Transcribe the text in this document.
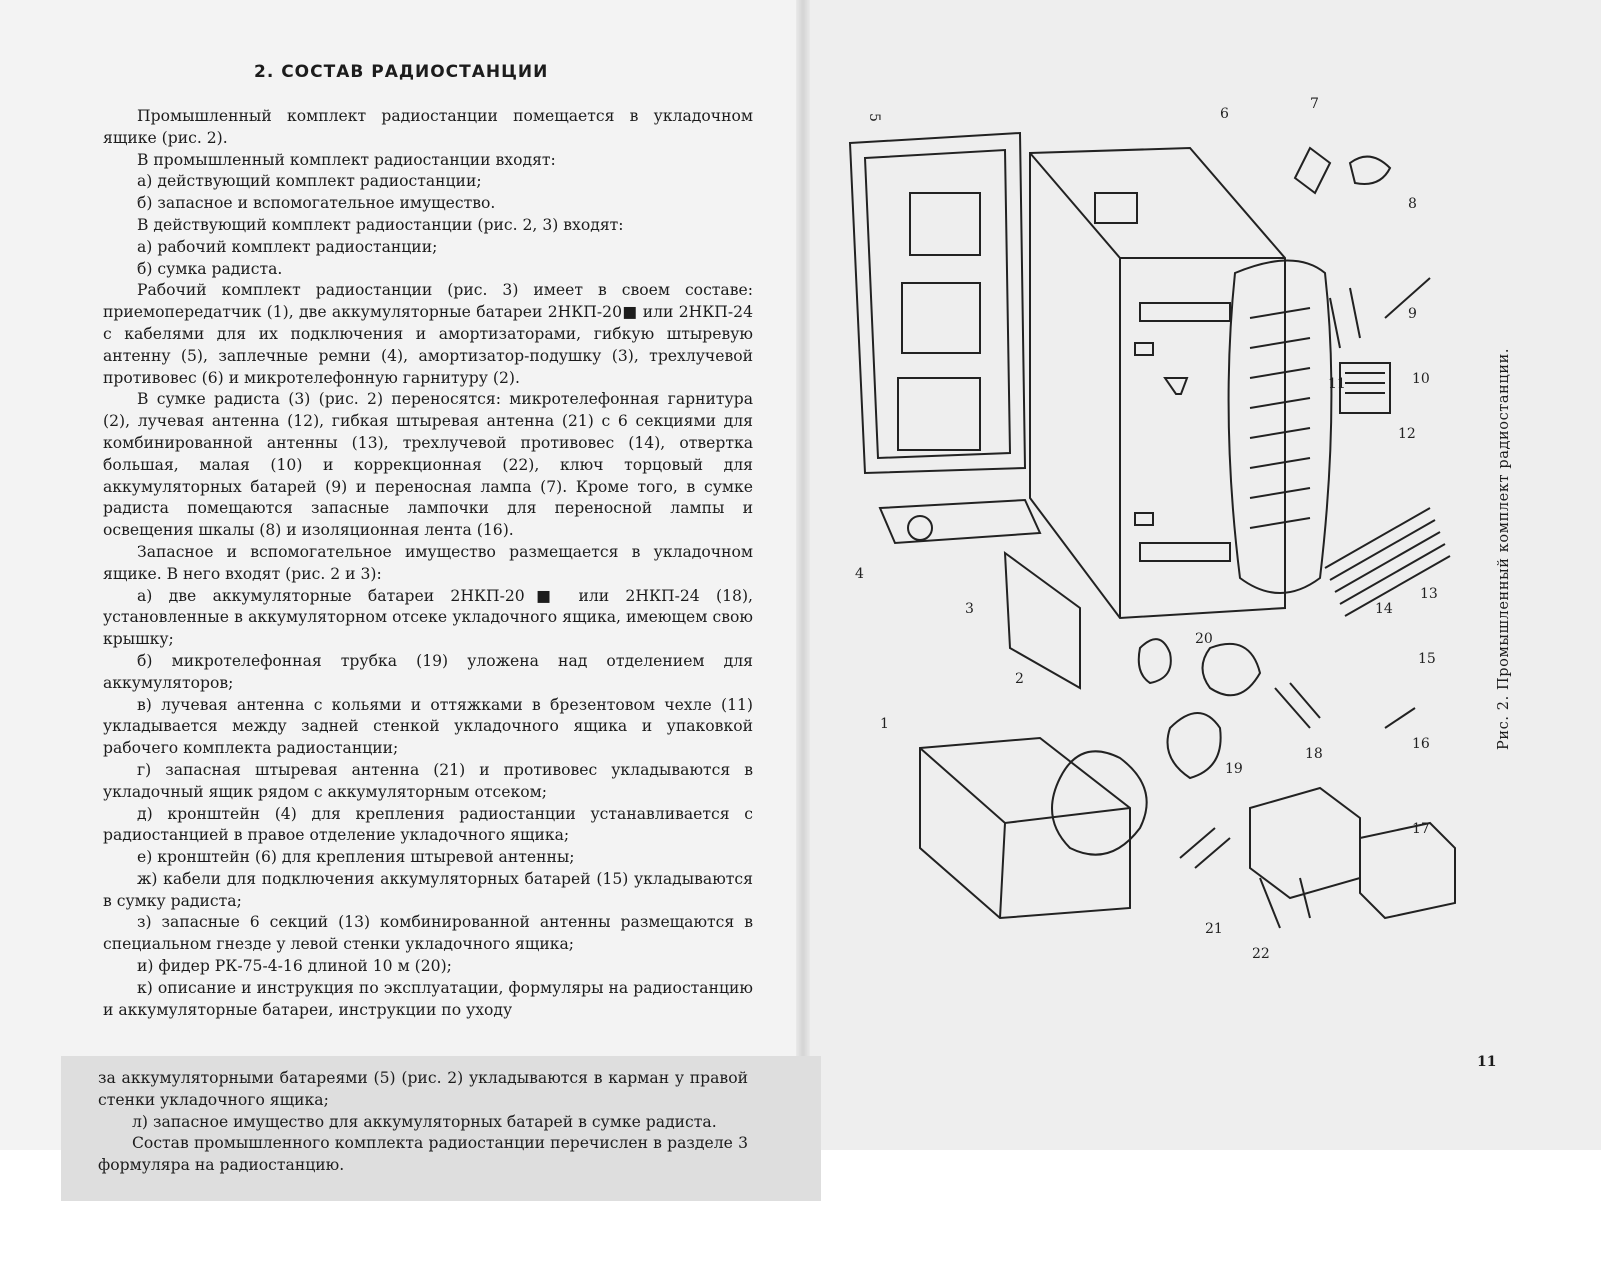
2. СОСТАВ РАДИОСТАНЦИИ

Промышленный комплект радиостанции помещается в укладочном ящике (рис. 2).

В промышленный комплект радиостанции входят:

а) действующий комплект радиостанции;

б) запасное и вспомогательное имущество.

В действующий комплект радиостанции (рис. 2, 3) входят:

а) рабочий комплект радиостанции;

б) сумка радиста.

Рабочий комплект радиостанции (рис. 3) имеет в своем составе: приемопередатчик (1), две аккумуляторные батареи 2НКП-20■ или 2НКП-24 с кабелями для их подключения и амортизаторами, гибкую штыревую антенну (5), заплечные ремни (4), амортизатор-подушку (3), трехлучевой противовес (6) и микротелефонную гарнитуру (2).

В сумке радиста (3) (рис. 2) переносятся: микротелефонная гарнитура (2), лучевая антенна (12), гибкая штыревая антенна (21) с 6 секциями для комбинированной антенны (13), трехлучевой противовес (14), отвертка большая, малая (10) и коррекционная (22), ключ торцовый для аккумуляторных батарей (9) и переносная лампа (7). Кроме того, в сумке радиста помещаются запасные лампочки для переносной лампы и освещения шкалы (8) и изоляционная лента (16).

Запасное и вспомогательное имущество размещается в укладочном ящике. В него входят (рис. 2 и 3):

а) две аккумуляторные батареи 2НКП-20■ или 2НКП-24 (18), установленные в аккумуляторном отсеке укладочного ящика, имеющем свою крышку;

б) микротелефонная трубка (19) уложена над отделением для аккумуляторов;

в) лучевая антенна с кольями и оттяжками в брезентовом чехле (11) укладывается между задней стенкой укладочного ящика и упаковкой рабочего комплекта радиостанции;

г) запасная штыревая антенна (21) и противовес укладываются в укладочный ящик рядом с аккумуляторным отсеком;

д) кронштейн (4) для крепления радиостанции устанавливается с радиостанцией в правое отделение укладочного ящика;

е) кронштейн (6) для крепления штыревой антенны;

ж) кабели для подключения аккумуляторных батарей (15) укладываются в сумку радиста;

з) запасные 6 секций (13) комбинированной антенны размещаются в специальном гнезде у левой стенки укладочного ящика;

и) фидер РК-75-4-16 длиной 10 м (20);

к) описание и инструкция по эксплуатации, формуляры на радиостанцию и аккумуляторные батареи, инструкции по уходу

за аккумуляторными батареями (5) (рис. 2) укладываются в карман у правой стенки укладочного ящика;

л) запасное имущество для аккумуляторных батарей в сумке радиста.

Состав промышленного комплекта радиостанции перечислен в разделе 3 формуляра на радиостанцию.

5
1
2
3
4
6
7
8
9
10
11
12
13
14
15
16
17
18
19
20
21
22
Рис. 2. Промышленный комплект радиостанции.
11
